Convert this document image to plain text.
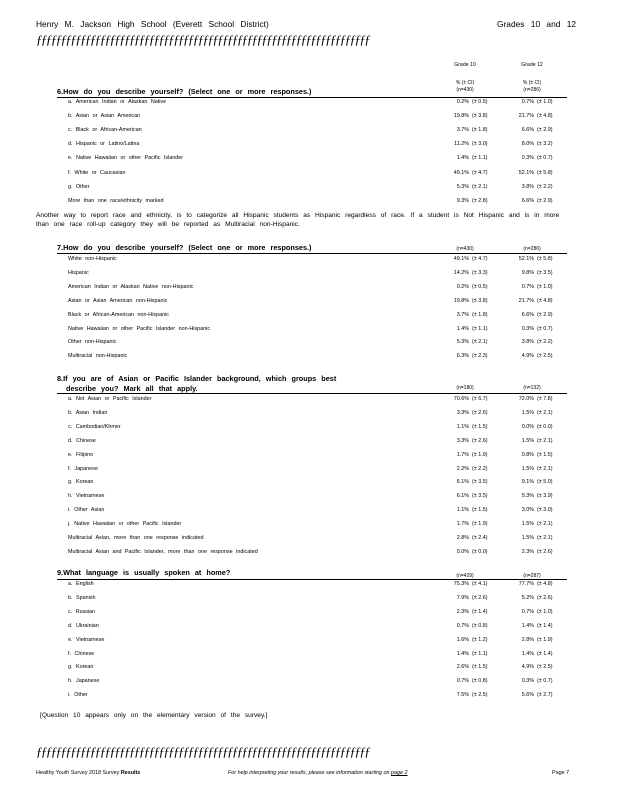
Henry M. Jackson High School (Everett School District)	Grades 10 and 12
ƒƒƒƒƒƒƒƒƒƒƒƒƒƒƒƒƒƒƒƒƒƒƒƒƒƒƒƒƒƒƒƒƒƒƒƒƒƒƒƒƒƒƒƒƒƒƒƒƒƒƒƒƒƒƒƒƒƒƒƒƒƒƒƒƒƒƒƒ
Grade 10	Grade 12
% (± CI)	% (± CI)
6.How do you describe yourself? (Select one or more responses.)	(n=430)	(n=286)
a. American Indian or Alaskan Native	0.2% (± 0.5)	0.7% (± 1.0)
b. Asian or Asian American	19.8% (± 3.8)	21.7% (± 4.8)
c. Black or African-American	3.7% (± 1.8)	6.6% (± 2.9)
d. Hispanic or Latino/Latina	11.2% (± 3.0)	8.0% (± 3.2)
e. Native Hawaiian or other Pacific Islander	1.4% (± 1.1)	0.3% (± 0.7)
f. White or Caucasian	49.1% (± 4.7)	52.1% (± 5.8)
g. Other	5.3% (± 2.1)	3.8% (± 2.2)
More than one race/ethnicity marked	9.3% (± 2.8)	6.6% (± 2.9)
Another way to report race and ethnicity, is to categorize all Hispanic students as Hispanic regardless of race. If a student is Not Hispanic and is in more than one race roll-up category they will be reported as Multiracial non-Hispanic.
7.How do you describe yourself? (Select one or more responses.)	(n=430)	(n=286)
White non-Hispanic	49.1% (± 4.7)	52.1% (± 5.8)
Hispanic	14.2% (± 3.3)	9.8% (± 3.5)
American Indian or Alaskan Native non-Hispanic	0.2% (± 0.5)	0.7% (± 1.0)
Asian or Asian American non-Hispanic	19.8% (± 3.8)	21.7% (± 4.8)
Black or African-American non-Hispanic	3.7% (± 1.8)	6.6% (± 2.9)
Native Hawaiian or other Pacific Islander non-Hispanic	1.4% (± 1.1)	0.3% (± 0.7)
Other non-Hispanic	5.3% (± 2.1)	3.8% (± 2.2)
Multiracial non-Hispanic	6.3% (± 2.3)	4.9% (± 2.5)
8.If you are of Asian or Pacific Islander background, which groups best
describe you? Mark all that apply.	(n=180)	(n=132)
a. Not Asian or Pacific Islander	70.6% (± 6.7)	72.0% (± 7.8)
b. Asian Indian	3.3% (± 2.6)	1.5% (± 2.1)
c. Cambodian/Khmer	1.1% (± 1.5)	0.0% (± 0.0)
d. Chinese	3.3% (± 2.6)	1.5% (± 2.1)
e. Filipino	1.7% (± 1.9)	0.8% (± 1.5)
f. Japanese	2.2% (± 2.2)	1.5% (± 2.1)
g. Korean	6.1% (± 3.5)	9.1% (± 5.0)
h. Vietnamese	6.1% (± 3.5)	5.3% (± 3.9)
i. Other Asian	1.1% (± 1.5)	3.0% (± 3.0)
j. Native Hawaiian or other Pacific Islander	1.7% (± 1.9)	1.5% (± 2.1)
Multiracial Asian, more than one response indicated	2.8% (± 2.4)	1.5% (± 2.1)
Multiracial Asian and Pacific Islander, more than one response indicated	0.0% (± 0.0)	2.3% (± 2.6)
9.What language is usually spoken at home?	(n=429)	(n=287)
a. English	75.3% (± 4.1)	77.7% (± 4.8)
b. Spanish	7.9% (± 2.6)	5.2% (± 2.6)
c. Russian	2.3% (± 1.4)	0.7% (± 1.0)
d. Ukrainian	0.7% (± 0.8)	1.4% (± 1.4)
e. Vietnamese	1.6% (± 1.2)	2.8% (± 1.9)
f. Chinese	1.4% (± 1.1)	1.4% (± 1.4)
g. Korean	2.6% (± 1.5)	4.9% (± 2.5)
h. Japanese	0.7% (± 0.8)	0.3% (± 0.7)
i. Other	7.5% (± 2.5)	5.6% (± 2.7)
[Question 10 appears only on the elementary version of the survey.]
ƒƒƒƒƒƒƒƒƒƒƒƒƒƒƒƒƒƒƒƒƒƒƒƒƒƒƒƒƒƒƒƒƒƒƒƒƒƒƒƒƒƒƒƒƒƒƒƒƒƒƒƒƒƒƒƒƒƒƒƒƒƒƒƒƒƒƒƒ
Healthy Youth Survey 2018 Survey Results	For help interpreting your results, please see information starting on page 2	Page 7
